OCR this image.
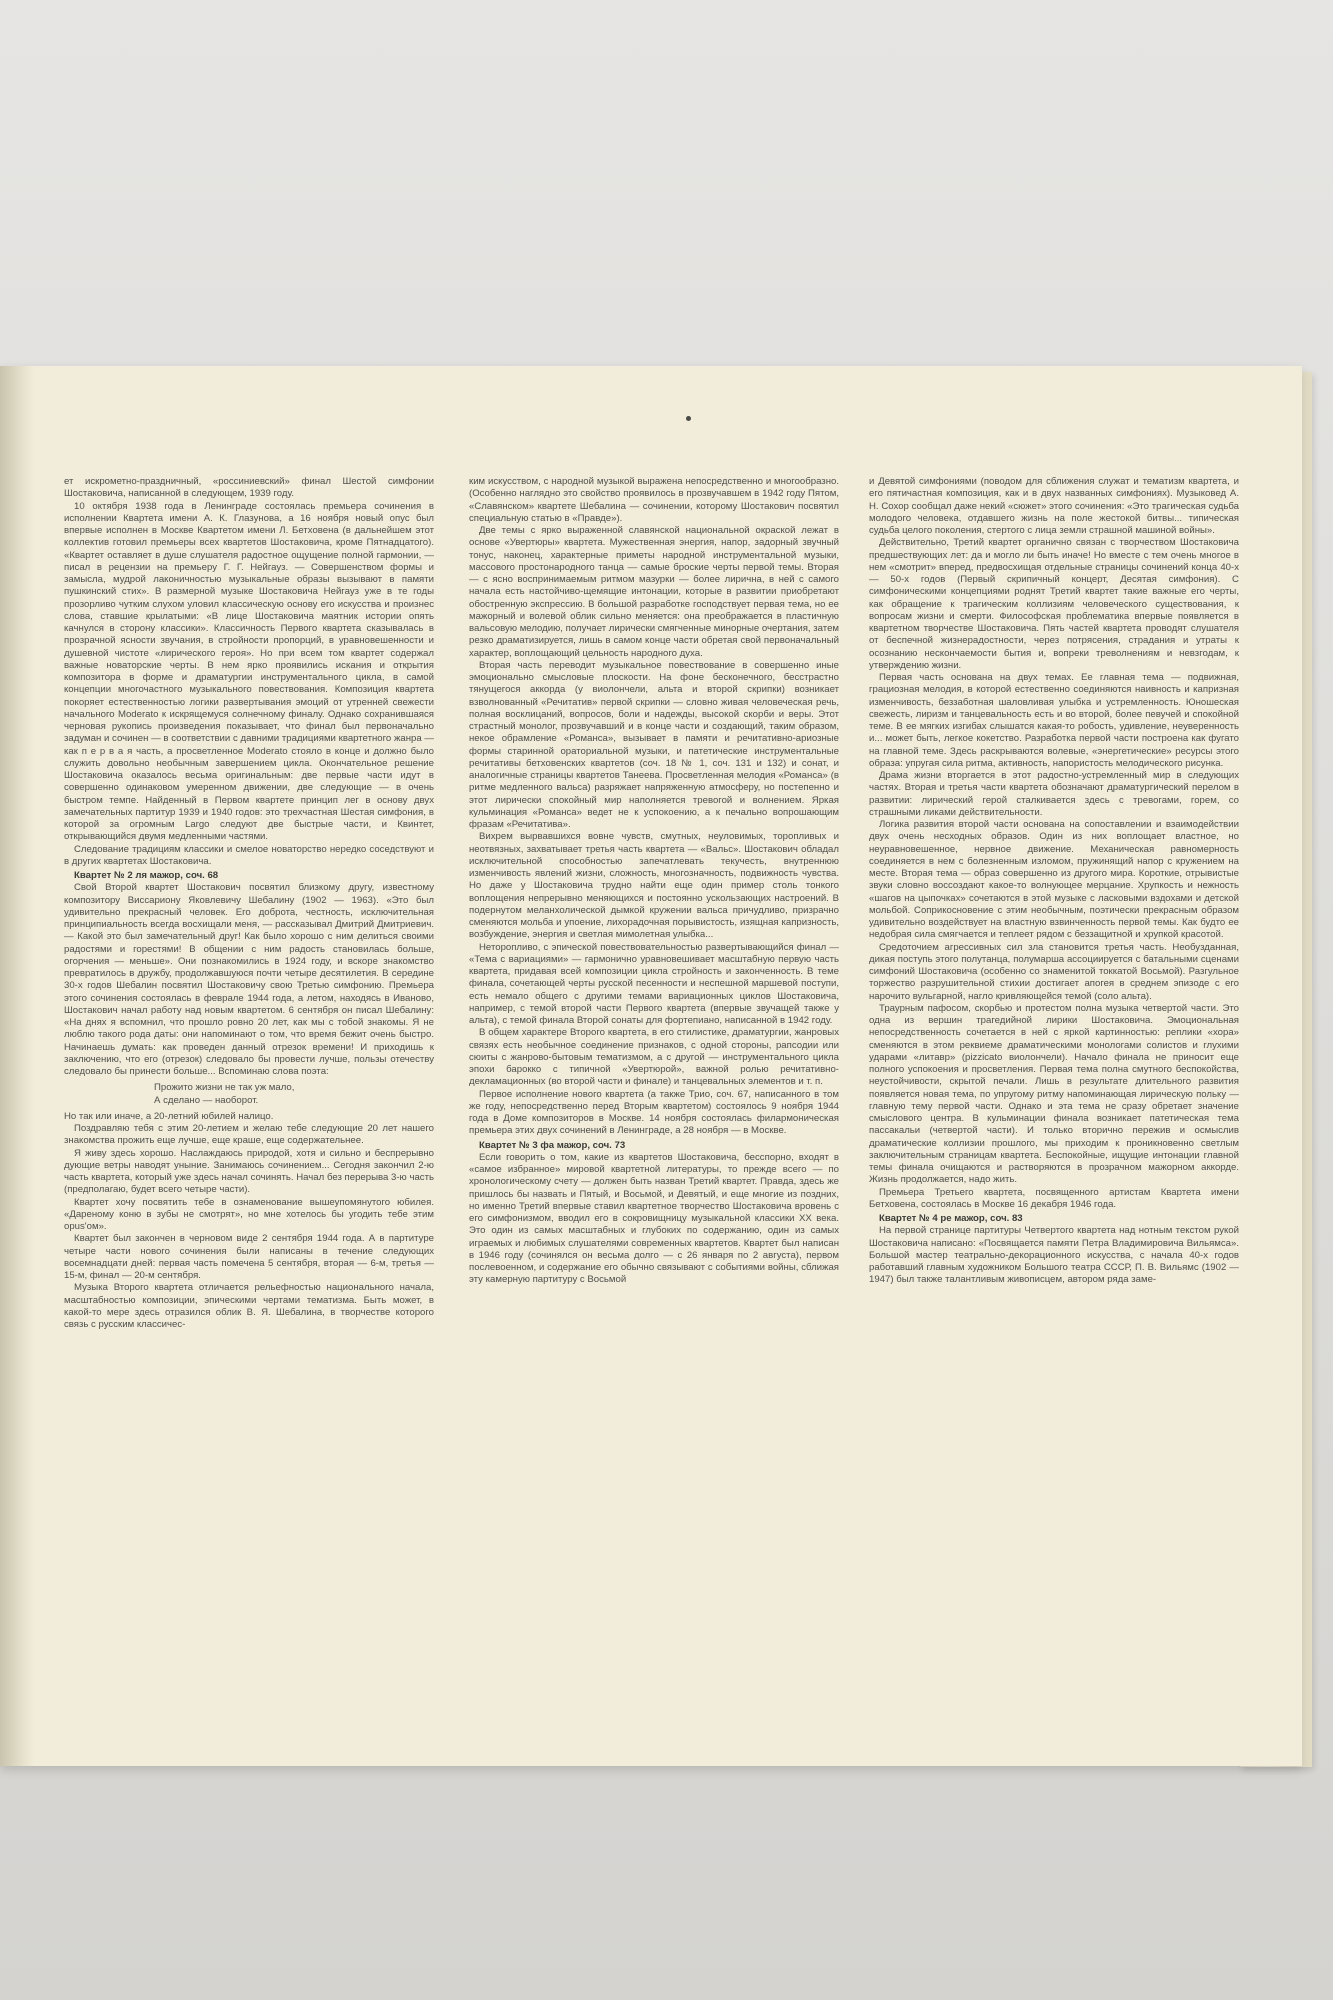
ет искрометно-праздничный, «россиниевский» финал Шестой симфонии Шостаковича, написанной в следующем, 1939 году.

10 октября 1938 года в Ленинграде состоялась премьера сочинения в исполнении Квартета имени А. К. Глазунова, а 16 ноября новый опус был впервые исполнен в Москве Квартетом имени Л. Бетховена (в дальнейшем этот коллектив готовил премьеры всех квартетов Шостаковича, кроме Пятнадцатого). «Квартет оставляет в душе слушателя радостное ощущение полной гармонии, — писал в рецензии на премьеру Г. Г. Нейгауз. — Совершенством формы и замысла, мудрой лаконичностью музыкальные образы вызывают в памяти пушкинский стих». В размерной музыке Шостаковича Нейгауз уже в те годы прозорливо чутким слухом уловил классическую основу его искусства и произнес слова, ставшие крылатыми: «В лице Шостаковича маятник истории опять качнулся в сторону классики». Классичность Первого квартета сказывалась в прозрачной ясности звучания, в стройности пропорций, в уравновешенности и душевной чистоте «лирического героя». Но при всем том квартет содержал важные новаторские черты. В нем ярко проявились искания и открытия композитора в форме и драматургии инструментального цикла, в самой концепции многочастного музыкального повествования. Композиция квартета покоряет естественностью логики развертывания эмоций от утренней свежести начального Moderato к искрящемуся солнечному финалу. Однако сохранившаяся черновая рукопись произведения показывает, что финал был первоначально задуман и сочинен — в соответствии с давними традициями квартетного жанра — как п е р в а я часть, а просветленное Moderato стояло в конце и должно было служить довольно необычным завершением цикла. Окончательное решение Шостаковича оказалось весьма оригинальным: две первые части идут в совершенно одинаковом умеренном движении, две следующие — в очень быстром темпе. Найденный в Первом квартете принцип лег в основу двух замечательных партитур 1939 и 1940 годов: это трехчастная Шестая симфония, в которой за огромным Largo следуют две быстрые части, и Квинтет, открывающийся двумя медленными частями.

Следование традициям классики и смелое новаторство нередко соседствуют и в других квартетах Шостаковича.

Квартет № 2 ля мажор, соч. 68

Свой Второй квартет Шостакович посвятил близкому другу, известному композитору Виссариону Яковлевичу Шебалину (1902 — 1963). «Это был удивительно прекрасный человек. Его доброта, честность, исключительная принципиальность всегда восхищали меня, — рассказывал Дмитрий Дмитриевич. — Какой это был замечательный друг! Как было хорошо с ним делиться своими радостями и горестями! В общении с ним радость становилась больше, огорчения — меньше». Они познакомились в 1924 году, и вскоре знакомство превратилось в дружбу, продолжавшуюся почти четыре десятилетия. В середине 30-х годов Шебалин посвятил Шостаковичу свою Третью симфонию. Премьера этого сочинения состоялась в феврале 1944 года, а летом, находясь в Иваново, Шостакович начал работу над новым квартетом. 6 сентября он писал Шебалину: «На днях я вспомнил, что прошло ровно 20 лет, как мы с тобой знакомы. Я не люблю такого рода даты: они напоминают о том, что время бежит очень быстро. Начинаешь думать: как проведен данный отрезок времени! И приходишь к заключению, что его (отрезок) следовало бы провести лучше, пользы отечеству следовало бы принести больше... Вспоминаю слова поэта:

Прожито жизни не так уж мало,
А сделано — наоборот.

Но так или иначе, а 20-летний юбилей налицо.

Поздравляю тебя с этим 20-летием и желаю тебе следующие 20 лет нашего знакомства прожить еще лучше, еще краше, еще содержательнее.

Я живу здесь хорошо. Наслаждаюсь природой, хотя и сильно и беспрерывно дующие ветры наводят уныние. Занимаюсь сочинением... Сегодня закончил 2-ю часть квартета, который уже здесь начал сочинять. Начал без перерыва 3-ю часть (предполагаю, будет всего четыре части).

Квартет хочу посвятить тебе в ознаменование вышеупомянутого юбилея. «Дареному коню в зубы не смотрят», но мне хотелось бы угодить тебе этим opus'ом».

Квартет был закончен в черновом виде 2 сентября 1944 года. А в партитуре четыре части нового сочинения были написаны в течение следующих восемнадцати дней: первая часть помечена 5 сентября, вторая — 6-м, третья — 15-м, финал — 20-м сентября.

Музыка Второго квартета отличается рельефностью национального начала, масштабностью композиции, эпическими чертами тематизма. Быть может, в какой-то мере здесь отразился облик В. Я. Шебалина, в творчестве которого связь с русским классичес-

ким искусством, с народной музыкой выражена непосредственно и многообразно. (Особенно наглядно это свойство проявилось в прозвучавшем в 1942 году Пятом, «Славянском» квартете Шебалина — сочинении, которому Шостакович посвятил специальную статью в «Правде»).

Две темы с ярко выраженной славянской национальной окраской лежат в основе «Увертюры» квартета. Мужественная энергия, напор, задорный звучный тонус, наконец, характерные приметы народной инструментальной музыки, массового простонародного танца — самые броские черты первой темы. Вторая — с ясно воспринимаемым ритмом мазурки — более лирична, в ней с самого начала есть настойчиво-щемящие интонации, которые в развитии приобретают обостренную экспрессию. В большой разработке господствует первая тема, но ее мажорный и волевой облик сильно меняется: она преображается в пластичную вальсовую мелодию, получает лирически смягченные минорные очертания, затем резко драматизируется, лишь в самом конце части обретая свой первоначальный характер, воплощающий цельность народного духа.

Вторая часть переводит музыкальное повествование в совершенно иные эмоционально смысловые плоскости. На фоне бесконечного, бесстрастно тянущегося аккорда (у виолончели, альта и второй скрипки) возникает взволнованный «Речитатив» первой скрипки — словно живая человеческая речь, полная восклицаний, вопросов, боли и надежды, высокой скорби и веры. Этот страстный монолог, прозвучавший и в конце части и создающий, таким образом, некое обрамление «Романса», вызывает в памяти и речитативно-ариозные формы старинной ораториальной музыки, и патетические инструментальные речитативы бетховенских квартетов (соч. 18 № 1, соч. 131 и 132) и сонат, и аналогичные страницы квартетов Танеева. Просветленная мелодия «Романса» (в ритме медленного вальса) разряжает напряженную атмосферу, но постепенно и этот лирически спокойный мир наполняется тревогой и волнением. Яркая кульминация «Романса» ведет не к успокоению, а к печально вопрошающим фразам «Речитатива».

Вихрем вырвавшихся вовне чувств, смутных, неуловимых, торопливых и неотвязных, захватывает третья часть квартета — «Вальс». Шостакович обладал исключительной способностью запечатлевать текучесть, внутреннюю изменчивость явлений жизни, сложность, многозначность, подвижность чувства. Но даже у Шостаковича трудно найти еще один пример столь тонкого воплощения непрерывно меняющихся и постоянно ускользающих настроений. В подернутом меланхолической дымкой кружении вальса причудливо, призрачно сменяются мольба и упоение, лихорадочная порывистость, изящная капризность, возбуждение, энергия и светлая мимолетная улыбка...

Неторопливо, с эпической повествовательностью развертывающийся финал — «Тема с вариациями» — гармонично уравновешивает масштабную первую часть квартета, придавая всей композиции цикла стройность и законченность. В теме финала, сочетающей черты русской песенности и неспешной маршевой поступи, есть немало общего с другими темами вариационных циклов Шостаковича, например, с темой второй части Первого квартета (впервые звучащей также у альта), с темой финала Второй сонаты для фортепиано, написанной в 1942 году.

В общем характере Второго квартета, в его стилистике, драматургии, жанровых связях есть необычное соединение признаков, с одной стороны, рапсодии или сюиты с жанрово-бытовым тематизмом, а с другой — инструментального цикла эпохи барокко с типичной «Увертюрой», важной ролью речитативно-декламационных (во второй части и финале) и танцевальных элементов и т. п.

Первое исполнение нового квартета (а также Трио, соч. 67, написанного в том же году, непосредственно перед Вторым квартетом) состоялось 9 ноября 1944 года в Доме композиторов в Москве. 14 ноября состоялась филармоническая премьера этих двух сочинений в Ленинграде, а 28 ноября — в Москве.

Квартет № 3 фа мажор, соч. 73

Если говорить о том, какие из квартетов Шостаковича, бесспорно, входят в «самое избранное» мировой квартетной литературы, то прежде всего — по хронологическому счету — должен быть назван Третий квартет. Правда, здесь же пришлось бы назвать и Пятый, и Восьмой, и Девятый, и еще многие из поздних, но именно Третий впервые ставил квартетное творчество Шостаковича вровень с его симфонизмом, вводил его в сокровищницу музыкальной классики XX века. Это один из самых масштабных и глубоких по содержанию, один из самых играемых и любимых слушателями современных квартетов. Квартет был написан в 1946 году (сочинялся он весьма долго — с 26 января по 2 августа), первом послевоенном, и содержание его обычно связывают с событиями войны, сближая эту камерную партитуру с Восьмой

и Девятой симфониями (поводом для сближения служат и тематизм квартета, и его пятичастная композиция, как и в двух названных симфониях). Музыковед А. Н. Сохор сообщал даже некий «сюжет» этого сочинения: «Это трагическая судьба молодого человека, отдавшего жизнь на поле жестокой битвы... типическая судьба целого поколения, стертого с лица земли страшной машиной войны».

Действительно, Третий квартет органично связан с творчеством Шостаковича предшествующих лет: да и могло ли быть иначе! Но вместе с тем очень многое в нем «смотрит» вперед, предвосхищая отдельные страницы сочинений конца 40-х — 50-х годов (Первый скрипичный концерт, Десятая симфония). С симфоническими концепциями роднят Третий квартет такие важные его черты, как обращение к трагическим коллизиям человеческого существования, к вопросам жизни и смерти. Философская проблематика впервые появляется в квартетном творчестве Шостаковича. Пять частей квартета проводят слушателя от беспечной жизнерадостности, через потрясения, страдания и утраты к осознанию нескончаемости бытия и, вопреки треволнениям и невзгодам, к утверждению жизни.

Первая часть основана на двух темах. Ее главная тема — подвижная, грациозная мелодия, в которой естественно соединяются наивность и капризная изменчивость, беззаботная шаловливая улыбка и устремленность. Юношеская свежесть, лиризм и танцевальность есть и во второй, более певучей и спокойной теме. В ее мягких изгибах слышатся какая-то робость, удивление, неуверенность и... может быть, легкое кокетство. Разработка первой части построена как фугато на главной теме. Здесь раскрываются волевые, «энергетические» ресурсы этого образа: упругая сила ритма, активность, напористость мелодического рисунка.

Драма жизни вторгается в этот радостно-устремленный мир в следующих частях. Вторая и третья части квартета обозначают драматургический перелом в развитии: лирический герой сталкивается здесь с тревогами, горем, со страшными ликами действительности.

Логика развития второй части основана на сопоставлении и взаимодействии двух очень несходных образов. Один из них воплощает властное, но неуравновешенное, нервное движение. Механическая равномерность соединяется в нем с болезненным изломом, пружинящий напор с кружением на месте. Вторая тема — образ совершенно из другого мира. Короткие, отрывистые звуки словно воссоздают какое-то волнующее мерцание. Хрупкость и нежность «шагов на цыпочках» сочетаются в этой музыке с ласковыми вздохами и детской мольбой. Соприкосновение с этим необычным, поэтически прекрасным образом удивительно воздействует на властную взвинченность первой темы. Как будто ее недобрая сила смягчается и теплеет рядом с беззащитной и хрупкой красотой.

Средоточием агрессивных сил зла становится третья часть. Необузданная, дикая поступь этого полутанца, полумарша ассоциируется с батальными сценами симфоний Шостаковича (особенно со знаменитой токкатой Восьмой). Разгульное торжество разрушительной стихии достигает апогея в среднем эпизоде с его нарочито вульгарной, нагло кривляющейся темой (соло альта).

Траурным пафосом, скорбью и протестом полна музыка четвертой части. Это одна из вершин трагедийной лирики Шостаковича. Эмоциональная непосредственность сочетается в ней с яркой картинностью: реплики «хора» сменяются в этом реквиеме драматическими монологами солистов и глухими ударами «литавр» (pizzicato виолончели). Начало финала не приносит еще полного успокоения и просветления. Первая тема полна смутного беспокойства, неустойчивости, скрытой печали. Лишь в результате длительного развития появляется новая тема, по упругому ритму напоминающая лирическую польку — главную тему первой части. Однако и эта тема не сразу обретает значение смыслового центра. В кульминации финала возникает патетическая тема пассакальи (четвертой части). И только вторично пережив и осмыслив драматические коллизии прошлого, мы приходим к проникновенно светлым заключительным страницам квартета. Беспокойные, ищущие интонации главной темы финала очищаются и растворяются в прозрачном мажорном аккорде. Жизнь продолжается, надо жить.

Премьера Третьего квартета, посвященного артистам Квартета имени Бетховена, состоялась в Москве 16 декабря 1946 года.

Квартет № 4 ре мажор, соч. 83

На первой странице партитуры Четвертого квартета над нотным текстом рукой Шостаковича написано: «Посвящается памяти Петра Владимировича Вильямса». Большой мастер театрально-декорационного искусства, с начала 40-х годов работавший главным художником Большого театра СССР, П. В. Вильямс (1902 — 1947) был также талантливым живописцем, автором ряда заме-
